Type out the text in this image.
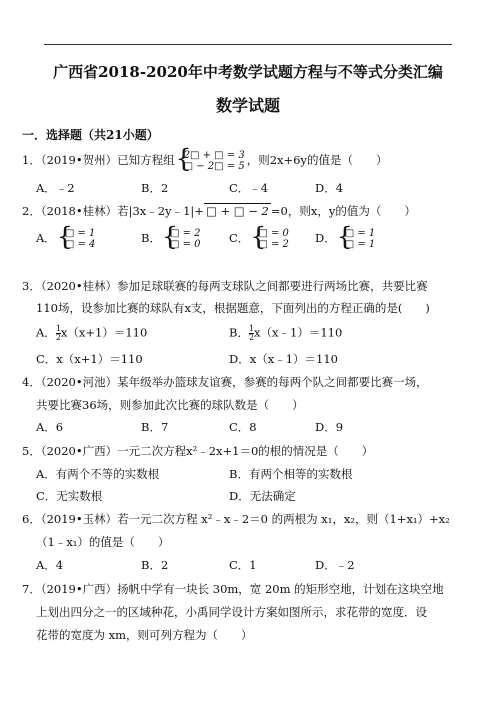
广西省2018-2020年中考数学试题方程与不等式分类汇编
数学试题
一．选择题（共21小题）
1．（2019•贺州）已知方程组 { 2□ + □ = 3
□ − 2□ = 5 ，则2x+6y的值是（　　）
A．﹣2	B．2	C．﹣4	D．4
2．（2018•桂林）若|3x﹣2y﹣1|+ □ + □ − 2 =0，则x，y的值为（　　）
A． { □ = 1
□ = 4	B． { □ = 2
□ = 0 C． { □ = 0
□ = 2 D． { □ = 1
□ = 1
3．（2020•桂林）参加足球联赛的每两支球队之间都要进行两场比赛，共要比赛
110场，设参加比赛的球队有x支，根据题意，下面列出的方程正确的是(　　)
A． $\frac{1}{2} x(x+1)=110$	B． $\frac{1}{2}$ x（x﹣1）＝110
C．x（x+1）＝110	D．x（x﹣1）＝110
4．（2020•河池）某年级举办篮球友谊赛，参赛的每两个队之间都要比赛一场，
共要比赛36场，则参加此次比赛的球队数是（　　）
A．6	B．7	C．8	D．9
5．（2020•广西）一元二次方程x²﹣2x+1＝0的根的情况是（　　）
A．有两个不等的实数根	B．有两个相等的实数根
C．无实数根	D．无法确定
6．（2019•玉林）若一元二次方程 x²﹣x﹣2＝0 的两根为 x₁，x₂，则（1+x₁）+x₂
（1﹣x₁）的值是（　　）
A．4	B．2	C．1	D．﹣2
7．（2019•广西）扬帆中学有一块长 30m，宽 20m 的矩形空地，计划在这块空地
上划出四分之一的区域种花，小禹同学设计方案如图所示，求花带的宽度．设
花带的宽度为 xm，则可列方程为（　　）
